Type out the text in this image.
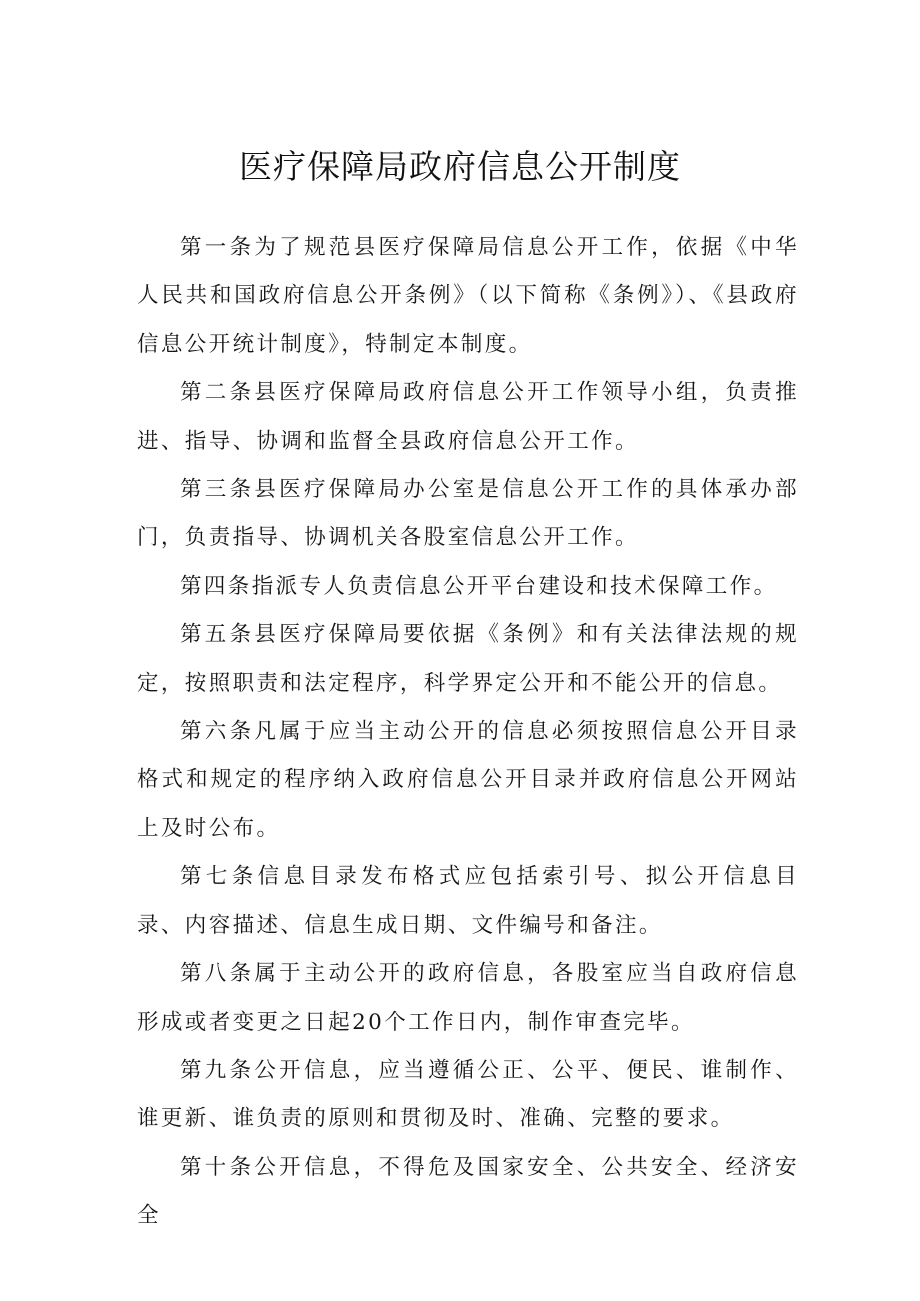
医疗保障局政府信息公开制度

第一条为了规范县医疗保障局信息公开工作，依据《中华人民共和国政府信息公开条例》（以下简称《条例》）、《县政府信息公开统计制度》，特制定本制度。

第二条县医疗保障局政府信息公开工作领导小组，负责推进、指导、协调和监督全县政府信息公开工作。

第三条县医疗保障局办公室是信息公开工作的具体承办部门，负责指导、协调机关各股室信息公开工作。

第四条指派专人负责信息公开平台建设和技术保障工作。

第五条县医疗保障局要依据《条例》和有关法律法规的规定，按照职责和法定程序，科学界定公开和不能公开的信息。

第六条凡属于应当主动公开的信息必须按照信息公开目录格式和规定的程序纳入政府信息公开目录并政府信息公开网站上及时公布。

第七条信息目录发布格式应包括索引号、拟公开信息目录、内容描述、信息生成日期、文件编号和备注。

第八条属于主动公开的政府信息，各股室应当自政府信息形成或者变更之日起20个工作日内，制作审查完毕。

第九条公开信息，应当遵循公正、公平、便民、谁制作、谁更新、谁负责的原则和贯彻及时、准确、完整的要求。

第十条公开信息，不得危及国家安全、公共安全、经济安全
